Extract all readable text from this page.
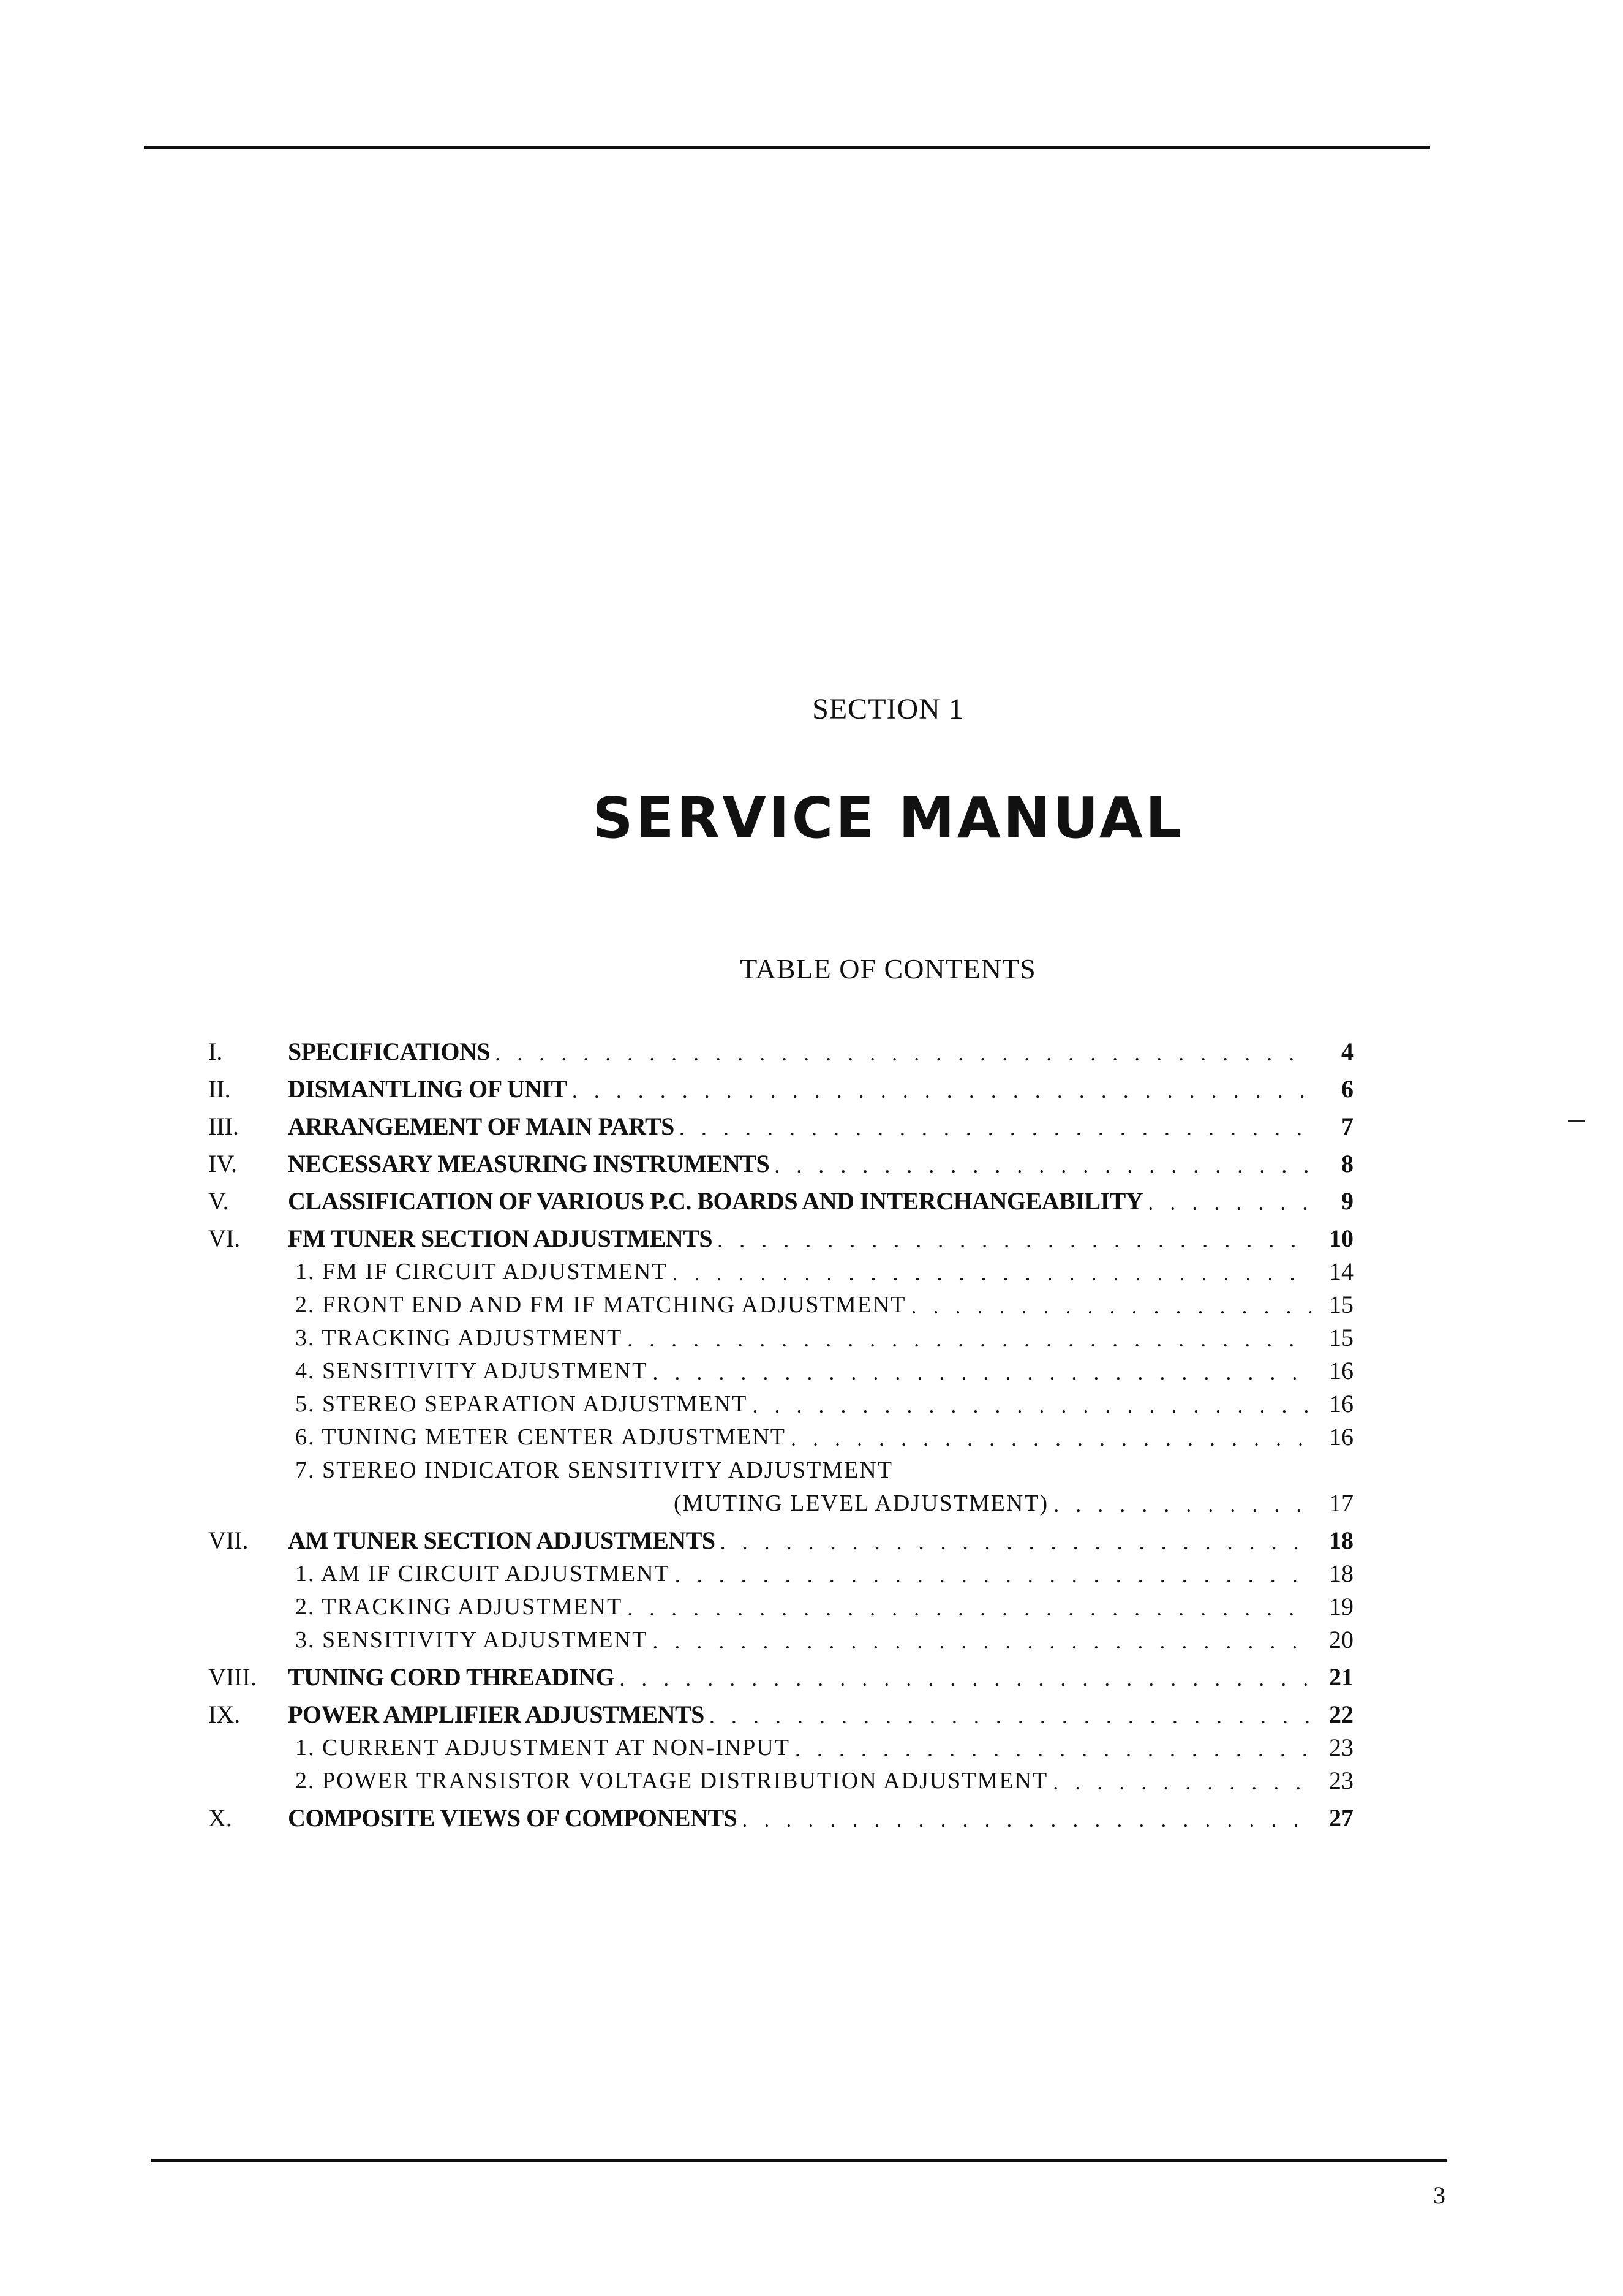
SECTION 1
SERVICE MANUAL
TABLE OF CONTENTS
I.	SPECIFICATIONS . . .	4
II.	DISMANTLING OF UNIT . . .	6
III.	ARRANGEMENT OF MAIN PARTS . . .	7
IV.	NECESSARY MEASURING INSTRUMENTS . . .	8
V.	CLASSIFICATION OF VARIOUS P.C. BOARDS AND INTERCHANGEABILITY . . .	9
VI.	FM TUNER SECTION ADJUSTMENTS . . .	10
1. FM IF CIRCUIT ADJUSTMENT . . .	14
2. FRONT END AND FM IF MATCHING ADJUSTMENT . . .	15
3. TRACKING ADJUSTMENT . . .	15
4. SENSITIVITY ADJUSTMENT . . .	16
5. STEREO SEPARATION ADJUSTMENT . . .	16
6. TUNING METER CENTER ADJUSTMENT . . .	16
7. STEREO INDICATOR SENSITIVITY ADJUSTMENT
(MUTING LEVEL ADJUSTMENT) . . .	17
VII.	AM TUNER SECTION ADJUSTMENTS . . .	18
1. AM IF CIRCUIT ADJUSTMENT . . .	18
2. TRACKING ADJUSTMENT . . .	19
3. SENSITIVITY ADJUSTMENT . . .	20
VIII.	TUNING CORD THREADING . . .	21
IX.	POWER AMPLIFIER ADJUSTMENTS . . .	22
1. CURRENT ADJUSTMENT AT NON-INPUT . . .	23
2. POWER TRANSISTOR VOLTAGE DISTRIBUTION ADJUSTMENT . . .	23
X.	COMPOSITE VIEWS OF COMPONENTS . . .	27
3
